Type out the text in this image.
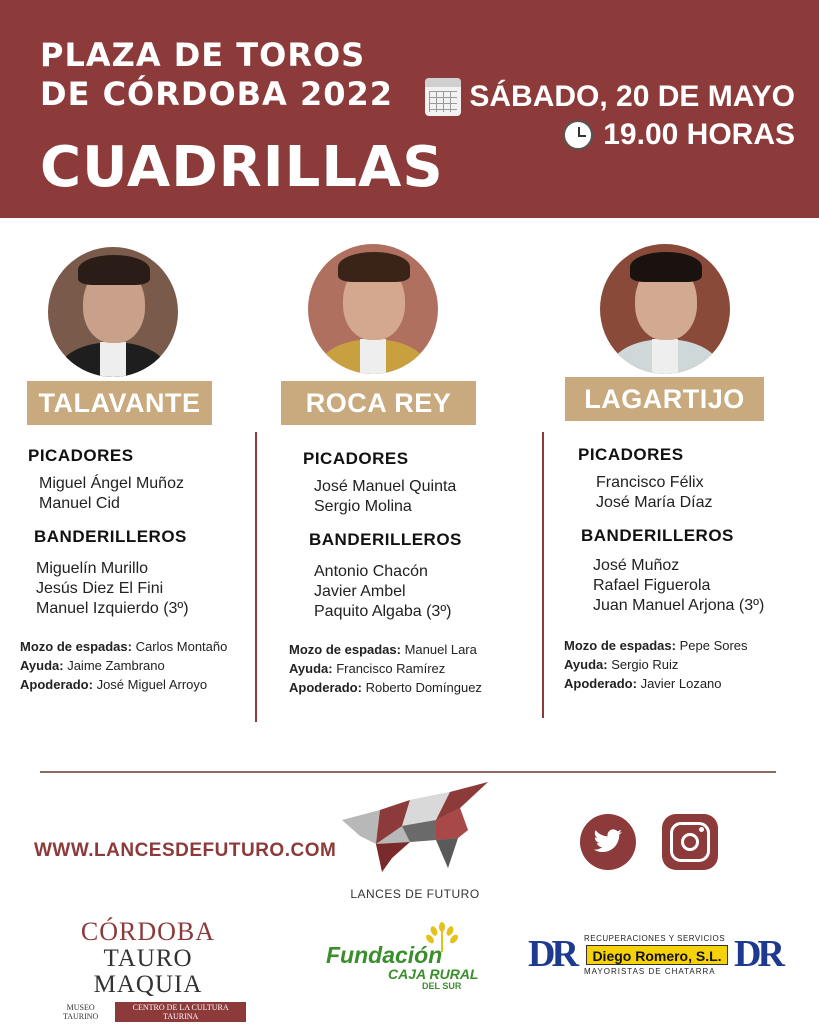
PLAZA DE TOROS
DE CÓRDOBA 2022
CUADRILLAS
SÁBADO, 20 DE MAYO
19.00 HORAS
TALAVANTE	ROCA REY	LAGARTIJO
PICADORES
Miguel Ángel Muñoz
Manuel Cid
BANDERILLEROS
Miguelín Murillo
Jesús Diez El Fini
Manuel Izquierdo (3º)
Mozo de espadas: Carlos Montaño
Ayuda: Jaime Zambrano
Apoderado: José Miguel Arroyo
PICADORES
José Manuel Quinta
Sergio Molina
BANDERILLEROS
Antonio Chacón
Javier Ambel
Paquito Algaba (3º)
Mozo de espadas: Manuel Lara
Ayuda: Francisco Ramírez
Apoderado: Roberto Domínguez
PICADORES
Francisco Félix
José María Díaz
BANDERILLEROS
José Muñoz
Rafael Figuerola
Juan Manuel Arjona (3º)
Mozo de espadas: Pepe Sores
Ayuda: Sergio Ruiz
Apoderado: Javier Lozano
WWW.LANCESDEFUTURO.COM
LANCES DE FUTURO
CÓRDOBA
TAURO MAQUIA
MUSEO TAURINO
CENTRO DE LA CULTURA TAURINA
Fundación
CAJA RURAL
DEL SUR
DR RECUPERACIONES Y SERVICIOS
Diego Romero, S.L.
MAYORISTAS DE CHATARRA DR
